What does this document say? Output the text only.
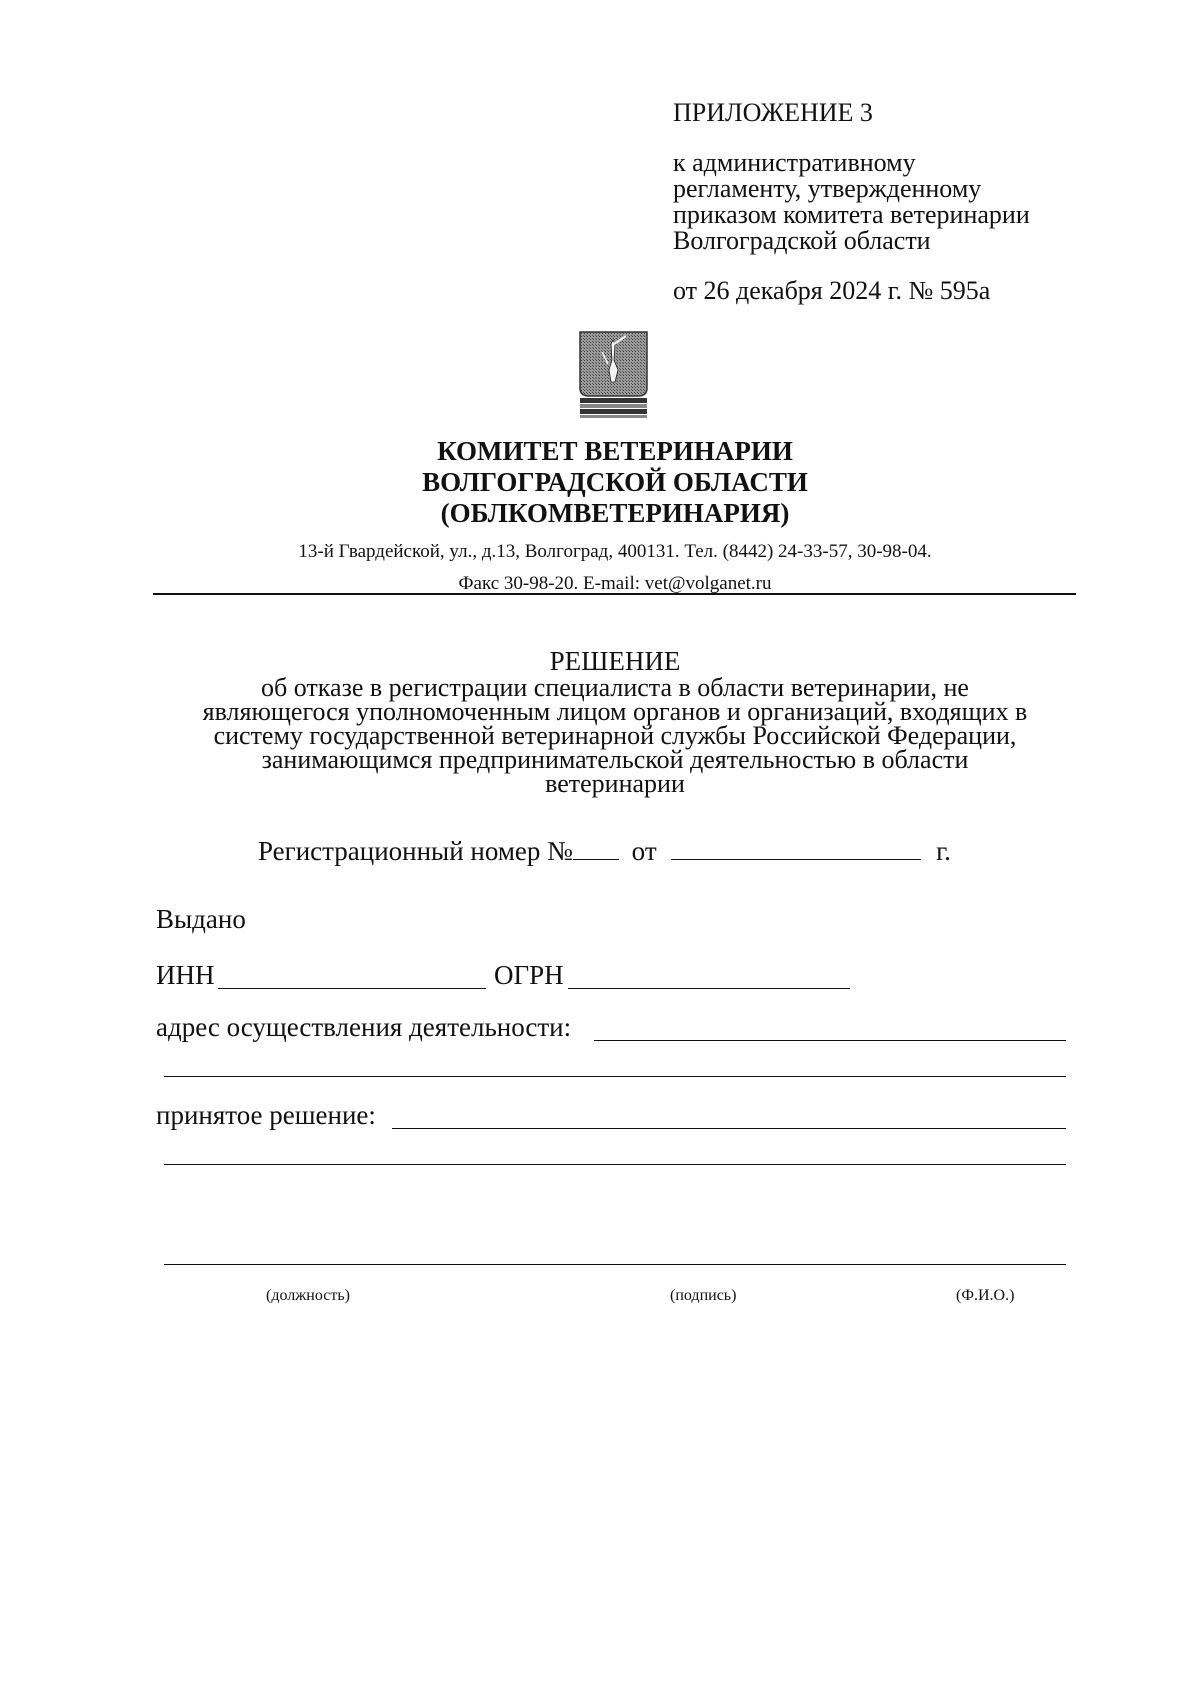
ПРИЛОЖЕНИЕ 3
к административному
регламенту, утвержденному
приказом комитета ветеринарии
Волгоградской области
от 26 декабря 2024 г. № 595а
КОМИТЕТ ВЕТЕРИНАРИИ
ВОЛГОГРАДСКОЙ ОБЛАСТИ
(ОБЛКОМВЕТЕРИНАРИЯ)
13-й Гвардейской, ул., д.13, Волгоград, 400131. Тел. (8442) 24-33-57, 30-98-04.
Факс 30-98-20. E-mail: vet@volganet.ru
РЕШЕНИЕ
об отказе в регистрации специалиста в области ветеринарии, не
являющегося уполномоченным лицом органов и организаций, входящих в
систему государственной ветеринарной службы Российской Федерации,
занимающимся предпринимательской деятельностью в области
ветеринарии
Регистрационный номер № от	г.
Выдано
ИНН	ОГРН
адрес осуществления деятельности:
принятое решение:
(должность)	(подпись)	(Ф.И.О.)
